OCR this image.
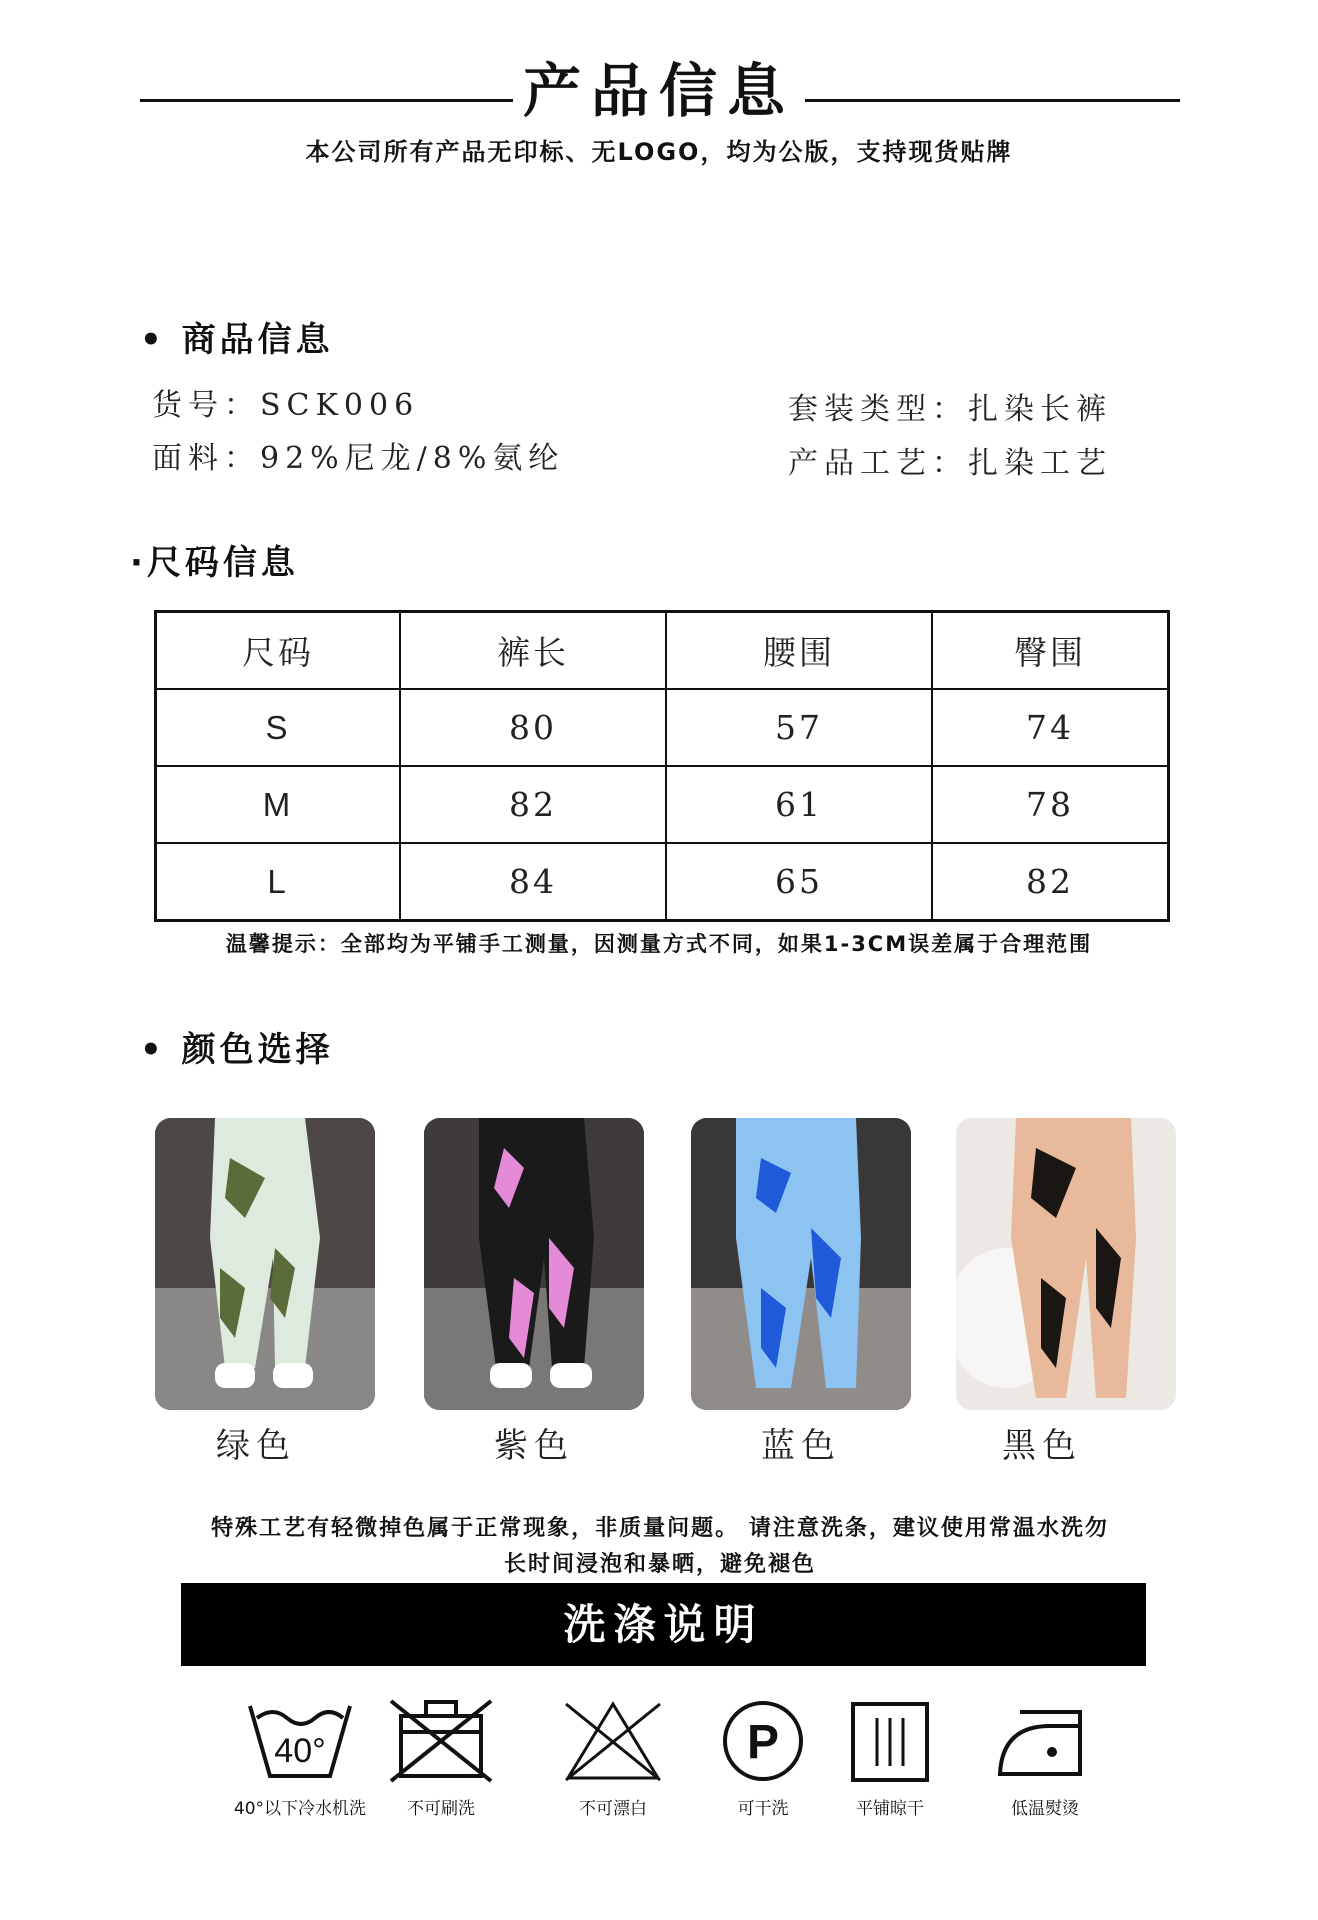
产品信息
本公司所有产品无印标、无LOGO，均为公版，支持现货贴牌
• 商品信息
货号：SCK006
面料：92%尼龙/8%氨纶
套装类型：扎染长裤
产品工艺：扎染工艺
·尺码信息
尺码	裤长	腰围	臀围
S	80	57	74
M	82	61	78
L	84	65	82
温馨提示：全部均为平铺手工测量，因测量方式不同，如果1-3CM误差属于合理范围
• 颜色选择
绿色	紫色	蓝色	黑色
特殊工艺有轻微掉色属于正常现象，非质量问题。 请注意洗条，建议使用常温水洗勿
长时间浸泡和暴晒，避免褪色
洗涤说明
40°
40°以下冷水机洗	不可刷洗	不可漂白
P
可干洗	平铺晾干	低温熨烫
